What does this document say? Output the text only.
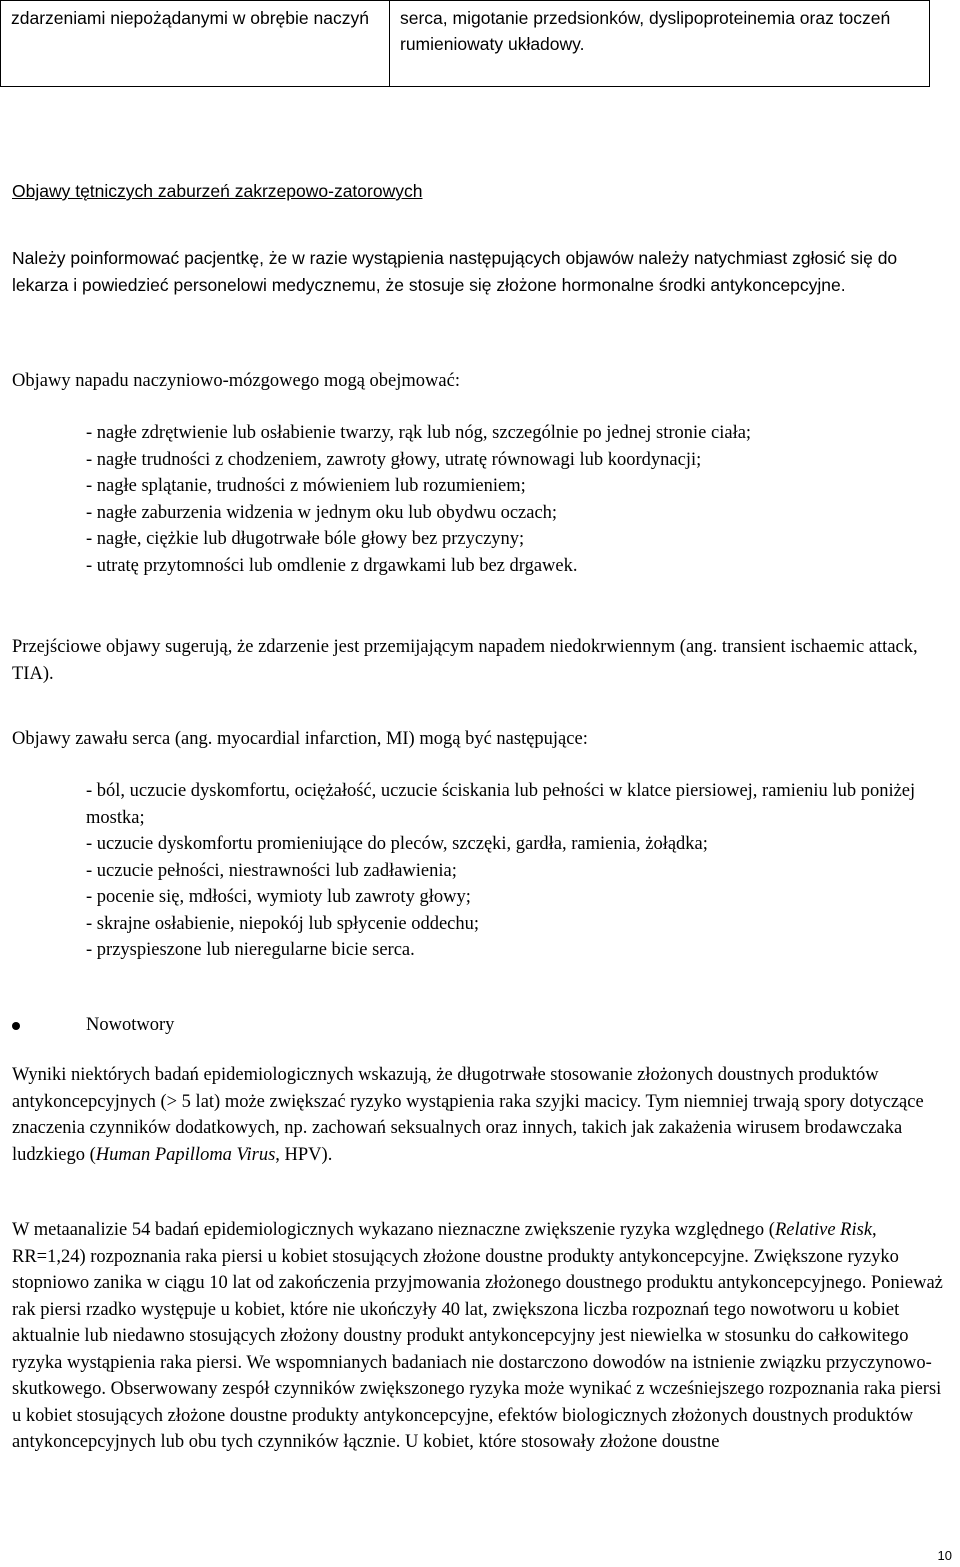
zdarzeniami niepożądanymi w obrębie naczyń	serca, migotanie przedsionków, dyslipoproteinemia oraz toczeń rumieniowaty układowy.
Objawy tętniczych zaburzeń zakrzepowo-zatorowych
Należy poinformować pacjentkę, że w razie wystąpienia następujących objawów należy natychmiast zgłosić się do lekarza i powiedzieć personelowi medycznemu, że stosuje się złożone hormonalne środki antykoncepcyjne.
Objawy napadu naczyniowo-mózgowego mogą obejmować:
- nagłe zdrętwienie lub osłabienie twarzy, rąk lub nóg, szczególnie po jednej stronie ciała;
- nagłe trudności z chodzeniem, zawroty głowy, utratę równowagi lub koordynacji;
- nagłe splątanie, trudności z mówieniem lub rozumieniem;
- nagłe zaburzenia widzenia w jednym oku lub obydwu oczach;
- nagłe, ciężkie lub długotrwałe bóle głowy bez przyczyny;
- utratę przytomności lub omdlenie z drgawkami lub bez drgawek.
Przejściowe objawy sugerują, że zdarzenie jest przemijającym napadem niedokrwiennym (ang. transient ischaemic attack, TIA).
Objawy zawału serca (ang. myocardial infarction, MI) mogą być następujące:
- ból, uczucie dyskomfortu, ociężałość, uczucie ściskania lub pełności w klatce piersiowej, ramieniu lub poniżej mostka;
- uczucie dyskomfortu promieniujące do pleców, szczęki, gardła, ramienia, żołądka;
- uczucie pełności, niestrawności lub zadławienia;
- pocenie się, mdłości, wymioty lub zawroty głowy;
- skrajne osłabienie, niepokój lub spłycenie oddechu;
- przyspieszone lub nieregularne bicie serca.
Nowotwory
Wyniki niektórych badań epidemiologicznych wskazują, że długotrwałe stosowanie złożonych doustnych produktów antykoncepcyjnych (> 5 lat) może zwiększać ryzyko wystąpienia raka szyjki macicy. Tym niemniej trwają spory dotyczące znaczenia czynników dodatkowych, np. zachowań seksualnych oraz innych, takich jak zakażenia wirusem brodawczaka ludzkiego (Human Papilloma Virus, HPV).
W metaanalizie 54 badań epidemiologicznych wykazano nieznaczne zwiększenie ryzyka względnego (Relative Risk, RR=1,24) rozpoznania raka piersi u kobiet stosujących złożone doustne produkty antykoncepcyjne. Zwiększone ryzyko stopniowo zanika w ciągu 10 lat od zakończenia przyjmowania złożonego doustnego produktu antykoncepcyjnego. Ponieważ rak piersi rzadko występuje u kobiet, które nie ukończyły 40 lat, zwiększona liczba rozpoznań tego nowotworu u kobiet aktualnie lub niedawno stosujących złożony doustny produkt antykoncepcyjny jest niewielka w stosunku do całkowitego ryzyka wystąpienia raka piersi. We wspomnianych badaniach nie dostarczono dowodów na istnienie związku przyczynowo-skutkowego. Obserwowany zespół czynników zwiększonego ryzyka może wynikać z wcześniejszego rozpoznania raka piersi u kobiet stosujących złożone doustne produkty antykoncepcyjne, efektów biologicznych złożonych doustnych produktów antykoncepcyjnych lub obu tych czynników łącznie. U kobiet, które stosowały złożone doustne
10
